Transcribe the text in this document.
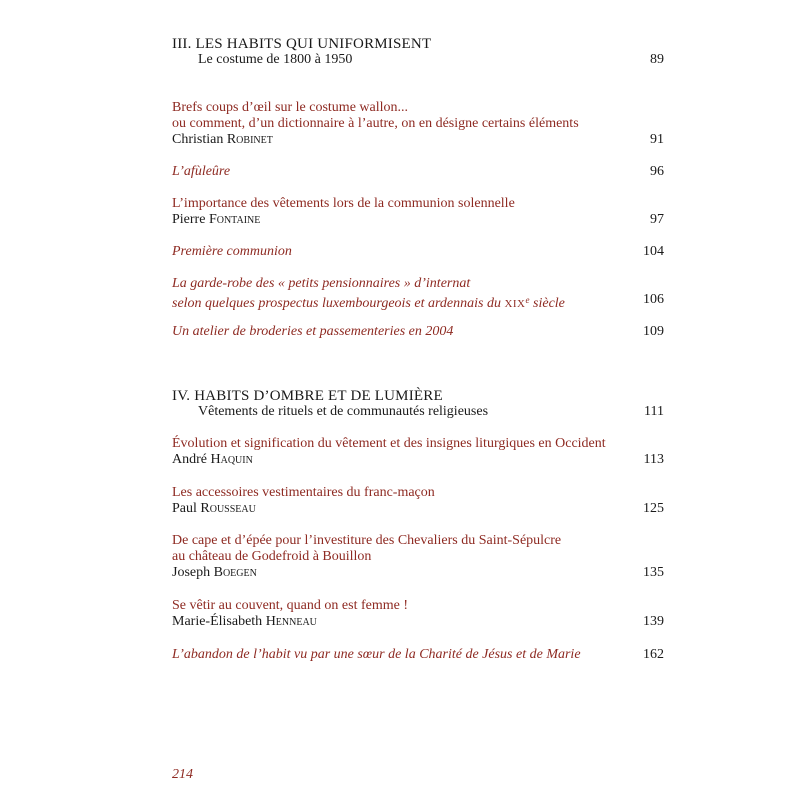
III. LES HABITS QUI UNIFORMISENT
Le costume de 1800 à 1950	89
Brefs coups d’œil sur le costume wallon...
ou comment, d’un dictionnaire à l’autre, on en désigne certains éléments
Christian Robinet	91
L’afùleûre	96
L’importance des vêtements lors de la communion solennelle
Pierre Fontaine	97
Première communion	104
La garde-robe des « petits pensionnaires » d’internat
selon quelques prospectus luxembourgeois et ardennais du XIXe siècle	106
Un atelier de broderies et passementeries en 2004	109
IV. HABITS D’OMBRE ET DE LUMIÈRE
Vêtements de rituels et de communautés religieuses	111
Évolution et signification du vêtement et des insignes liturgiques en Occident
André Haquin	113
Les accessoires vestimentaires du franc-maçon
Paul Rousseau	125
De cape et d’épée pour l’investiture des Chevaliers du Saint-Sépulcre
au château de Godefroid à Bouillon
Joseph Boegen	135
Se vêtir au couvent, quand on est femme !
Marie-Élisabeth Henneau	139
L’abandon de l’habit vu par une sœur de la Charité de Jésus et de Marie	162
214
